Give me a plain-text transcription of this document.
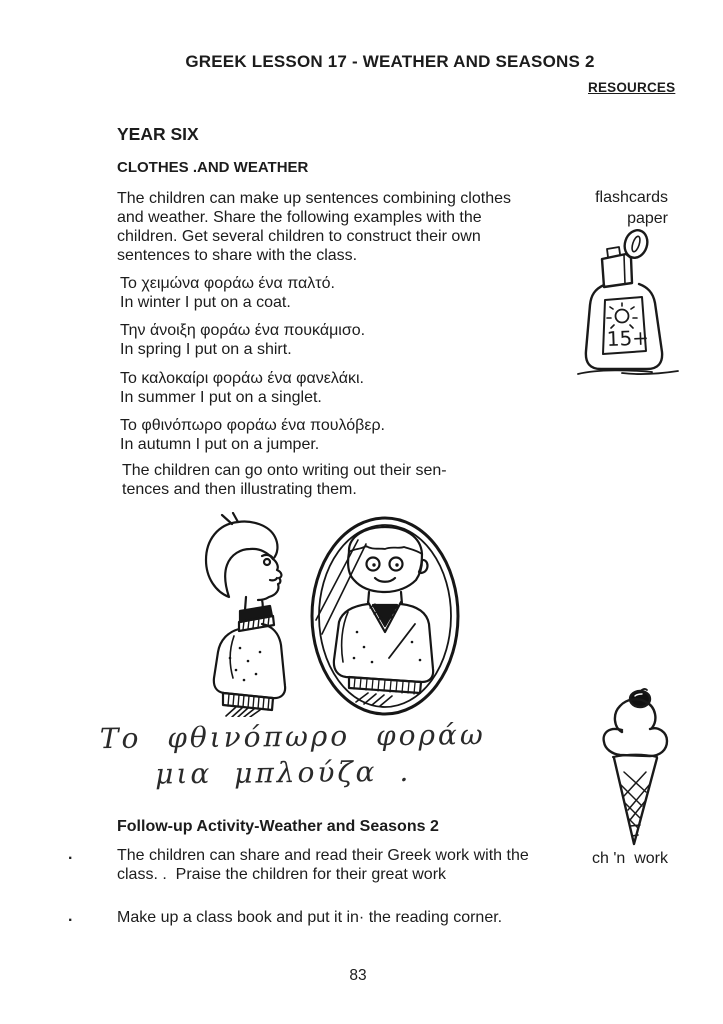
GREEK LESSON 17 - WEATHER AND SEASONS 2
RESOURCES
YEAR SIX
CLOTHES .AND WEATHER
The children can make up sentences combining clothes
and weather. Share the following examples with the
children. Get several children to construct their own
sentences to share with the class.
Το χειμώνα φοράω ένα παλτό.
In winter I put on a coat.
Την άνοιξη φοράω ένα πουκάμισο.
In spring I put on a shirt.
Το καλοκαίρι φοράω ένα φανελάκι.
In summer I put on a singlet.
Το φθινόπωρο φοράω ένα πουλόβερ.
In autumn I put on a jumper.
The children can go onto writing out their sen-
tences and then illustrating them.
Το φθινόπωρο φοράω
μια μπλούζα .
Follow-up Activity-Weather and Seasons 2
.	The children can share and read their Greek work with the
class. .  Praise the children for their great work
.	Make up a class book and put it in· the reading corner.
83
flashcards
paper
15+
ch 'n  work
